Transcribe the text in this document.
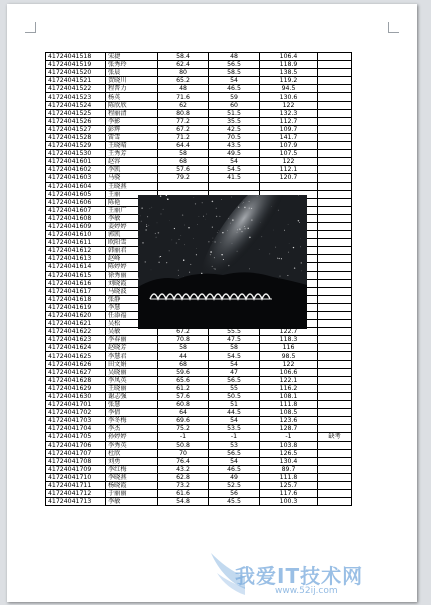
41724041518	宋捷	58.4	48	106.4	
41724041519	张秀玲	62.4	56.5	118.9	
41724041520	张晨	80	58.5	138.5	
41724041521	贺晓川	65.2	54	119.2	
41724041522	程普力	48	46.5	94.5	
41724041523	杨英	71.6	59	130.6	
41724041524	陈欣欣	62	60	122	
41724041525	程丽清	80.8	51.5	132.3	
41724041526	李影	77.2	35.5	112.7	
41724041527	彭辉	67.2	42.5	109.7	
41724041528	雷雪	71.2	70.5	141.7	
41724041529	王晓晴	64.4	43.5	107.9	
41724041530	王秀芳	58	49.5	107.5	
41724041601	赵容	68	54	122	
41724041602	李凯	57.6	54.5	112.1	
41724041603	马骁	79.2	41.5	120.7	
41724041604	王晓燕				
41724041605	王丽				
41724041606	陈艳				
41724041607	王丽广				
41724041608	李敏				
41724041609	姜婷婷				
41724041610	郭凯				
41724041611	欧阳雪				
41724041612	韩丽君				
41724041613	赵峰				
41724041614	陈婷婷				
41724041615	徐秀丽				
41724041616	刘晓霞				
41724041617	马晓波				
41724041618	张静				
41724041619	李慧				
41724041620	任添福				
41724041621	吴松				
41724041622	吴敏	67.2	55.5	122.7	
41724041623	李春丽	70.8	47.5	118.3	
41724041624	赵晓芳	58	58	116	
41724041625	李慧君	44	54.5	98.5	
41724041626	田文娟	68	54	122	
41724041627	吴晓丽	59.6	47	106.6	
41724041628	李凤英	65.6	56.5	122.1	
41724041629	王晓丽	61.2	55	116.2	
41724041630	谢志强	57.6	50.5	108.1	
41724041701	张慧	60.8	51	111.8	
41724041702	李倩	64	44.5	108.5	
41724041703	李冬梅	69.6	54	123.6	
41724041704	李杰	75.2	53.5	128.7	
41724041705	孙婷婷	-1	-1	-1	缺考
41724041706	李秀英	50.8	53	103.8	
41724041707	杜欣	70	56.5	126.5	
41724041708	刘勇	76.4	54	130.4	
41724041709	李红梅	43.2	46.5	89.7	
41724041710	李晓燕	62.8	49	111.8	
41724041711	杨晓霞	73.2	52.5	125.7	
41724041712	于丽丽	61.6	56	117.6	
41724041713	李敏	54.8	45.5	100.3	
我爱IT技术网
www.52ij.com
